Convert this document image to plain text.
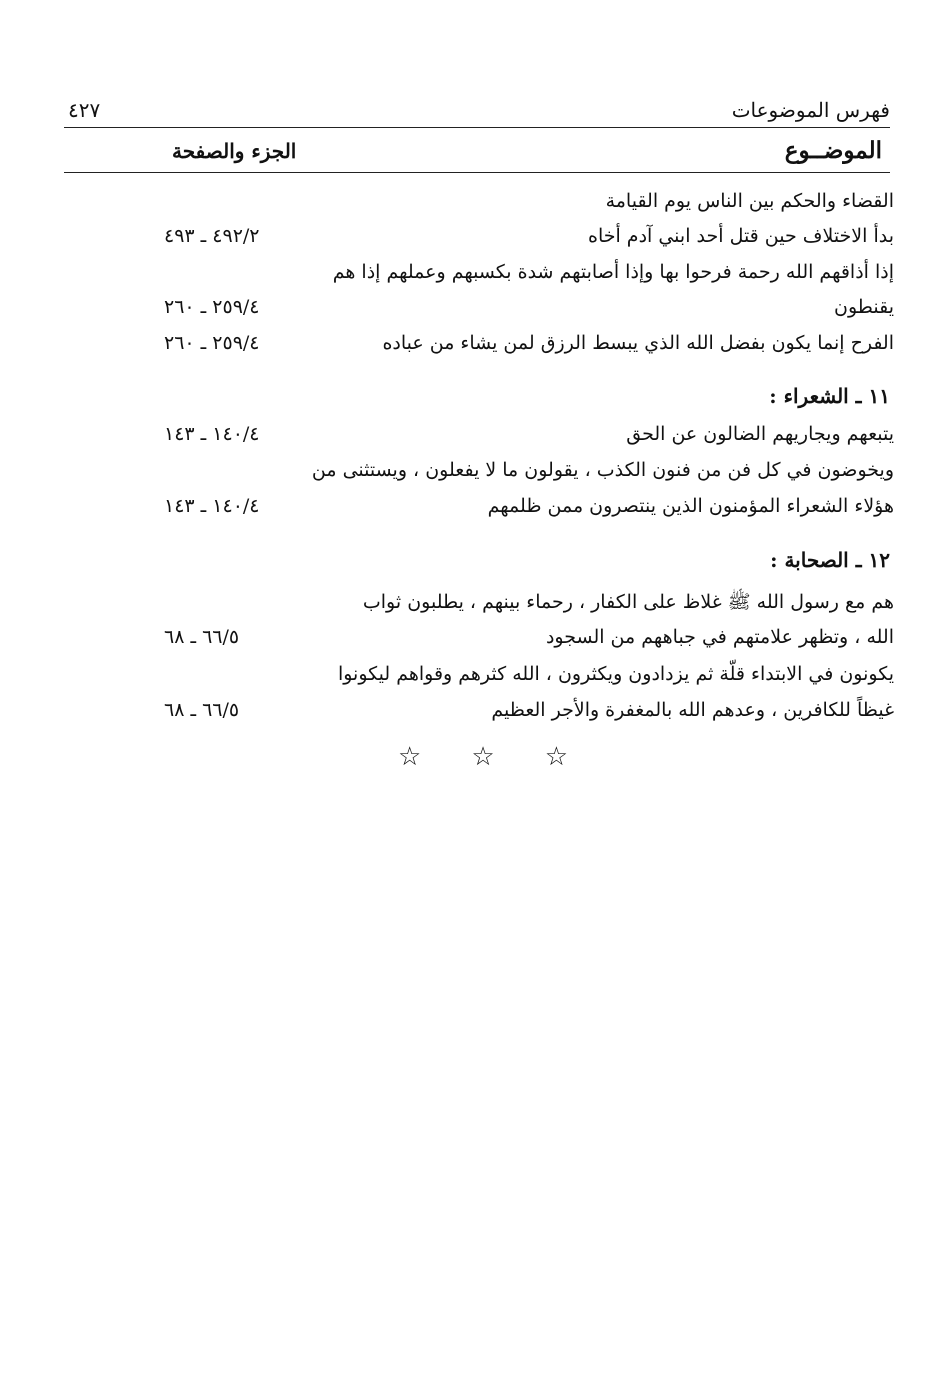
٤٢٧	فهرس الموضوعات
الموضــوع
الجزء والصفحة
القضاء والحكم بين الناس يوم القيامة
بدأ الاختلاف حين قتل أحد ابني آدم أخاه
٤٩٢/٢ ـ ٤٩٣
إذا أذاقهم الله رحمة فرحوا بها وإذا أصابتهم شدة بكسبهم وعملهم إذا هم
يقنطون
٢٥٩/٤ ـ ٢٦٠
الفرح إنما يكون بفضل الله الذي يبسط الرزق لمن يشاء من عباده
٢٥٩/٤ ـ ٢٦٠
١١ ـ الشعراء :
يتبعهم ويجاريهم الضالون عن الحق
١٤٠/٤ ـ ١٤٣
ويخوضون في كل فن من فنون الكذب ، يقولون ما لا يفعلون ، ويستثنى من
هؤلاء الشعراء المؤمنون الذين ينتصرون ممن ظلمهم
١٤٠/٤ ـ ١٤٣
١٢ ـ الصحابة :
هم مع رسول الله ﷺ غلاظ على الكفار ، رحماء بينهم ، يطلبون ثواب
الله ، وتظهر علامتهم في جباههم من السجود
٦٦/٥ ـ ٦٨
يكونون في الابتداء قلّة ثم يزدادون ويكثرون ، الله كثرهم وقواهم ليكونوا
غيظاً للكافرين ، وعدهم الله بالمغفرة والأجر العظيم
٦٦/٥ ـ ٦٨
☆ ☆ ☆
